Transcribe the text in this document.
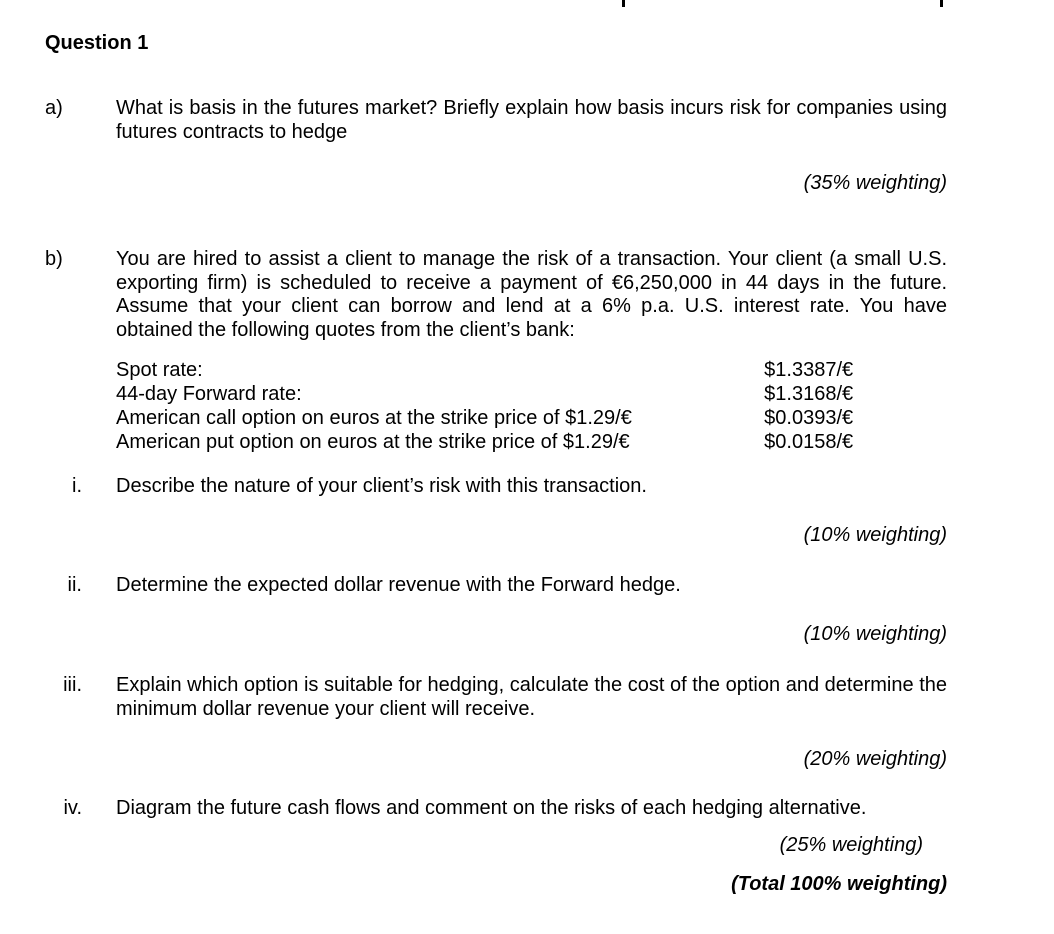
Question 1
a)	What is basis in the futures market? Briefly explain how basis incurs risk for companies using futures contracts to hedge
(35% weighting)
b)	You are hired to assist a client to manage the risk of a transaction. Your client (a small U.S. exporting firm) is scheduled to receive a payment of €6,250,000 in 44 days in the future. Assume that your client can borrow and lend at a 6% p.a. U.S. interest rate. You have obtained the following quotes from the client’s bank:
Spot rate:	$1.3387/€
44-day Forward rate:	$1.3168/€
American call option on euros at the strike price of $1.29/€	$0.0393/€
American put option on euros at the strike price of $1.29/€	$0.0158/€
i. Describe the nature of your client’s risk with this transaction.
(10% weighting)
ii. Determine the expected dollar revenue with the Forward hedge.
(10% weighting)
iii. Explain which option is suitable for hedging, calculate the cost of the option and determine the minimum dollar revenue your client will receive.
(20% weighting)
iv. Diagram the future cash flows and comment on the risks of each hedging alternative.
(25% weighting)
(Total 100% weighting)
